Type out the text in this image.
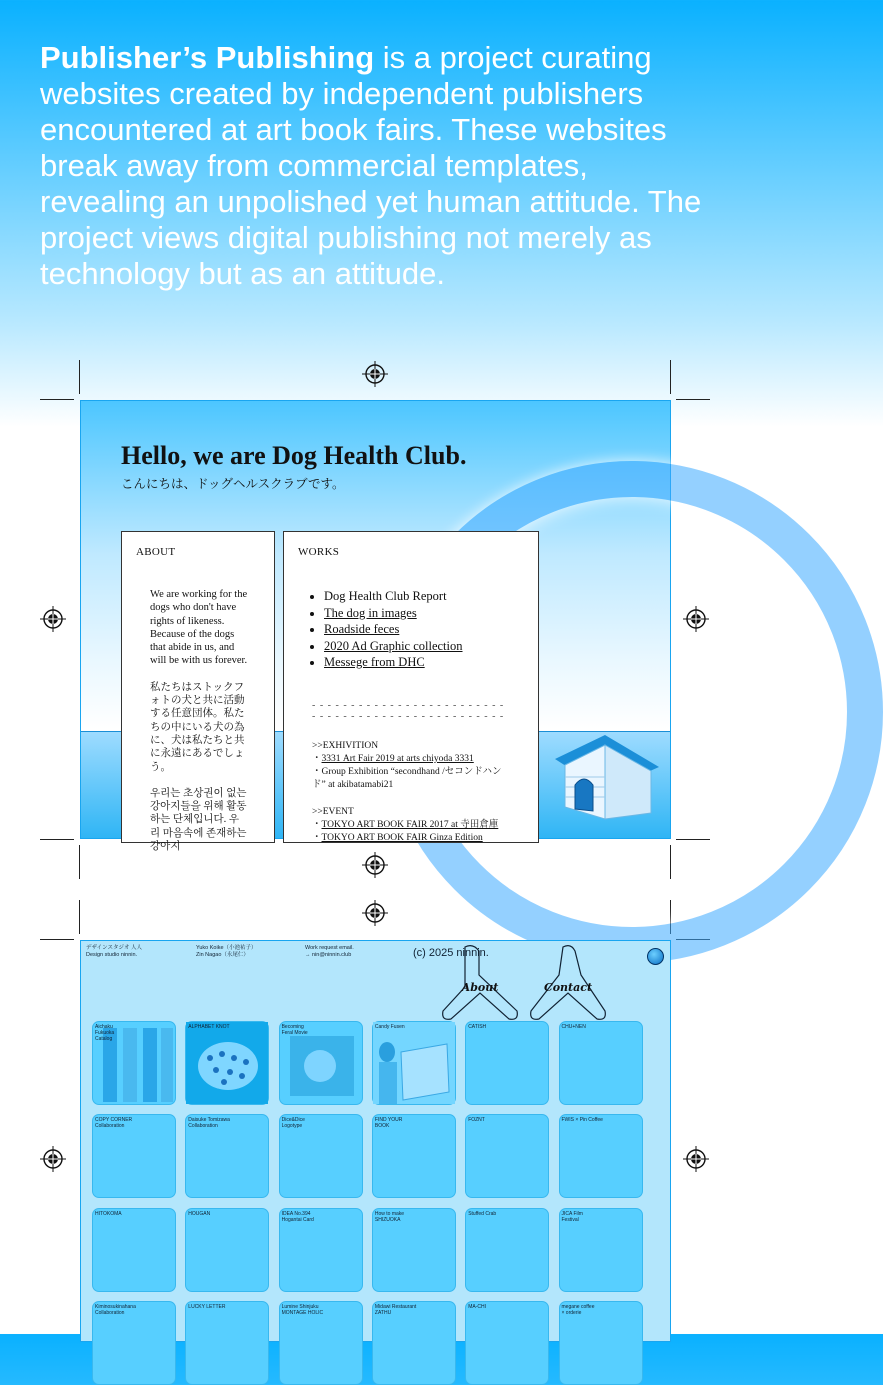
Publisher’s Publishing is a project curating websites created by independent publishers encountered at art book fairs. These websites break away from commercial templates, revealing an unpolished yet human attitude. The project views digital publishing not merely as technology but as an attitude.
Hello, we are Dog Health Club.
こんにちは、ドッグヘルスクラブです。
ABOUT

We are working for the dogs who don't have rights of likeness. Because of the dogs that abide in us, and will be with us forever.

私たちはストックフォトの犬と共に活動する任意団体。私たちの中にいる犬の為に、犬は私たちと共に永遠にあるでしょう。

우리는 초상권이 없는 강아지들을 위해 활동하는 단체입니다. 우리 마음속에 존재하는 강아지

WORKS
• Dog Health Club Report
• The dog in images
• Roadside feces
• 2020 Ad Graphic collection
• Messege from DHC
- - - - - - - - - - - - - - - - - - - - - - - - - - - - - - - - - - - - - - - - - - - - - - - - - -
>>EXHIVITION
・3331 Art Fair 2019 at arts chiyoda 3331
・Group Exhibition “secondhand /セコンドハンド” at akibatamabi21
>>EVENT
・TOKYO ART BOOK FAIR 2017 at 寺田倉庫
・TOKYO ART BOOK FAIR Ginza Edition
デザインスタジオ 人人
Design studio ninnin.
Yuko Koike（小池祐子）
Zin Nagao（永尾仁）
Work request email.
→ nin@ninnin.club	(c) 2025 ninnin.
About	Contact
Aichaku
Fukuoka
Catalog
ALPHABET KNOT	Becoming
Feral Movie
Candy Fusen	CATISH	CHU+NEN
COPY CORNER
Collaboration
Daisuke Tomizawa
Collaboration
Dice&Dice
Logotype
FIND YOUR
BOOK
FOZNT	FWIS × Pin Coffee
HITOKOMA	HOUGAN	IDEA No.394
Hogantai Card
How to make
SHIZUOKA
Stuffed Crab	JICA Film
Festival
Kiminosukinahana
Collaboration
LUCKY LETTER	Lumine Shinjuku
MONTAGE HOLIC
Midawi Restaurant
ZATHU
MA-CHI	megane coffee
× orderie
